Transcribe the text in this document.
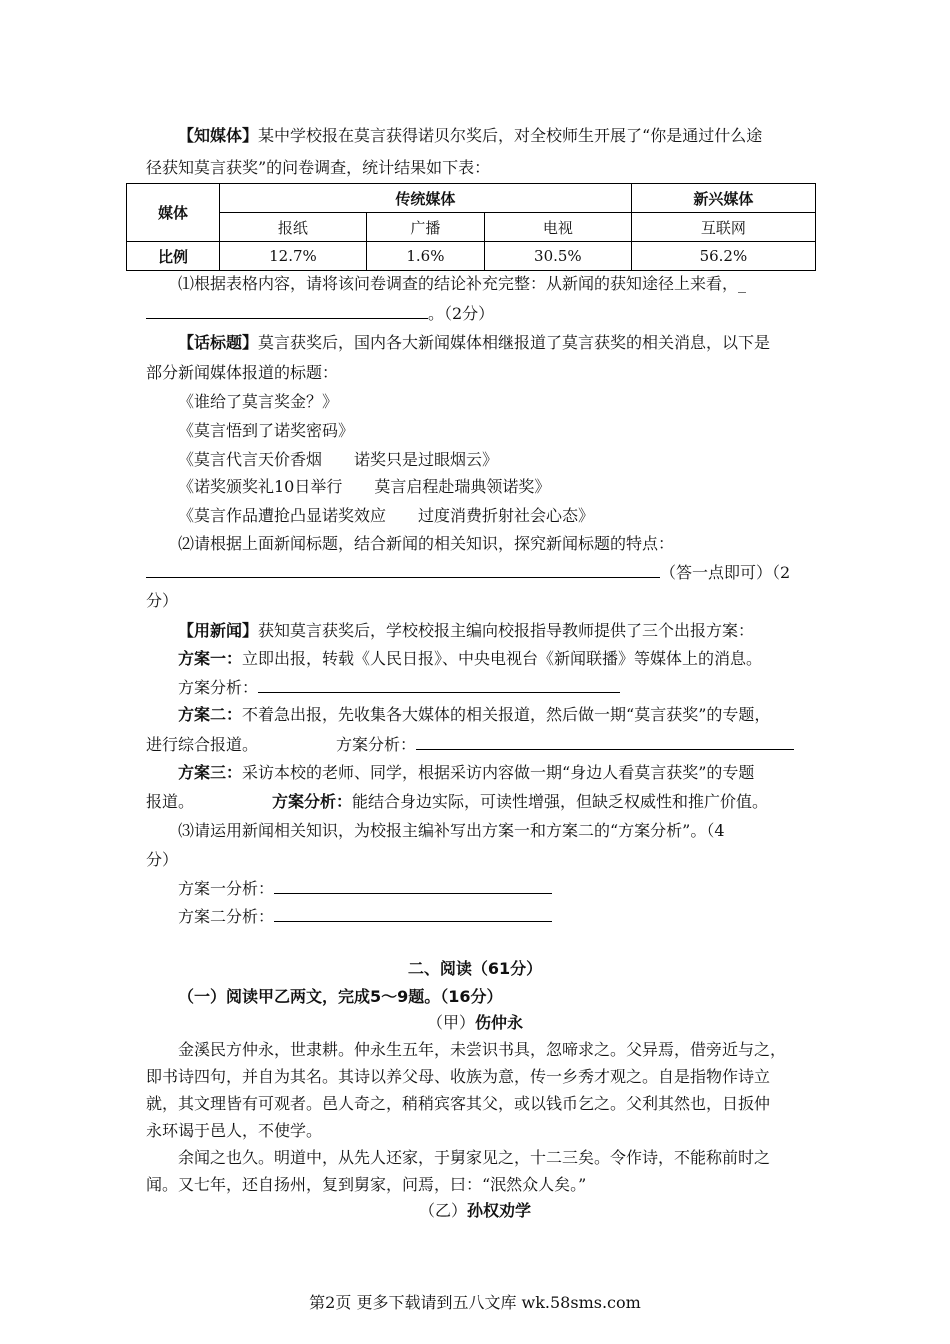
【知媒体】某中学校报在莫言获得诺贝尔奖后，对全校师生开展了“你是通过什么途
径获知莫言获奖”的问卷调查，统计结果如下表：
媒体	传统媒体			新兴媒体
	报纸	广播	电视	互联网
比例	12.7%	1.6%	30.5%	56.2%
⑴根据表格内容，请将该问卷调查的结论补充完整：从新闻的获知途径上来看，_
。（2分）
【话标题】莫言获奖后，国内各大新闻媒体相继报道了莫言获奖的相关消息，以下是
部分新闻媒体报道的标题：
《谁给了莫言奖金？》
《莫言悟到了诺奖密码》
《莫言代言天价香烟　　诺奖只是过眼烟云》
《诺奖颁奖礼10日举行　　莫言启程赴瑞典领诺奖》
《莫言作品遭抢凸显诺奖效应　　过度消费折射社会心态》
⑵请根据上面新闻标题，结合新闻的相关知识，探究新闻标题的特点：
（答一点即可）（2
分）
【用新闻】获知莫言获奖后，学校校报主编向校报指导教师提供了三个出报方案：
方案一：立即出报，转载《人民日报》、中央电视台《新闻联播》等媒体上的消息。
方案分析：
方案二：不着急出报，先收集各大媒体的相关报道，然后做一期“莫言获奖”的专题，
进行综合报道。	方案分析：
方案三：采访本校的老师、同学，根据采访内容做一期“身边人看莫言获奖”的专题
报道。	方案分析：能结合身边实际，可读性增强，但缺乏权威性和推广价值。
⑶请运用新闻相关知识，为校报主编补写出方案一和方案二的“方案分析”。（4
分）
方案一分析：
方案二分析：
二、阅读（61分）
（一）阅读甲乙两文，完成5～9题。（16分）
（甲）伤仲永
金溪民方仲永，世隶耕。仲永生五年，未尝识书具，忽啼求之。父异焉，借旁近与之，
即书诗四句，并自为其名。其诗以养父母、收族为意，传一乡秀才观之。自是指物作诗立
就，其文理皆有可观者。邑人奇之，稍稍宾客其父，或以钱币乞之。父利其然也，日扳仲
永环谒于邑人，不使学。
余闻之也久。明道中，从先人还家，于舅家见之，十二三矣。令作诗，不能称前时之
闻。又七年，还自扬州，复到舅家，问焉，曰：“泯然众人矣。”
（乙）孙权劝学
第2页 更多下载请到五八文库 wk.58sms.com
